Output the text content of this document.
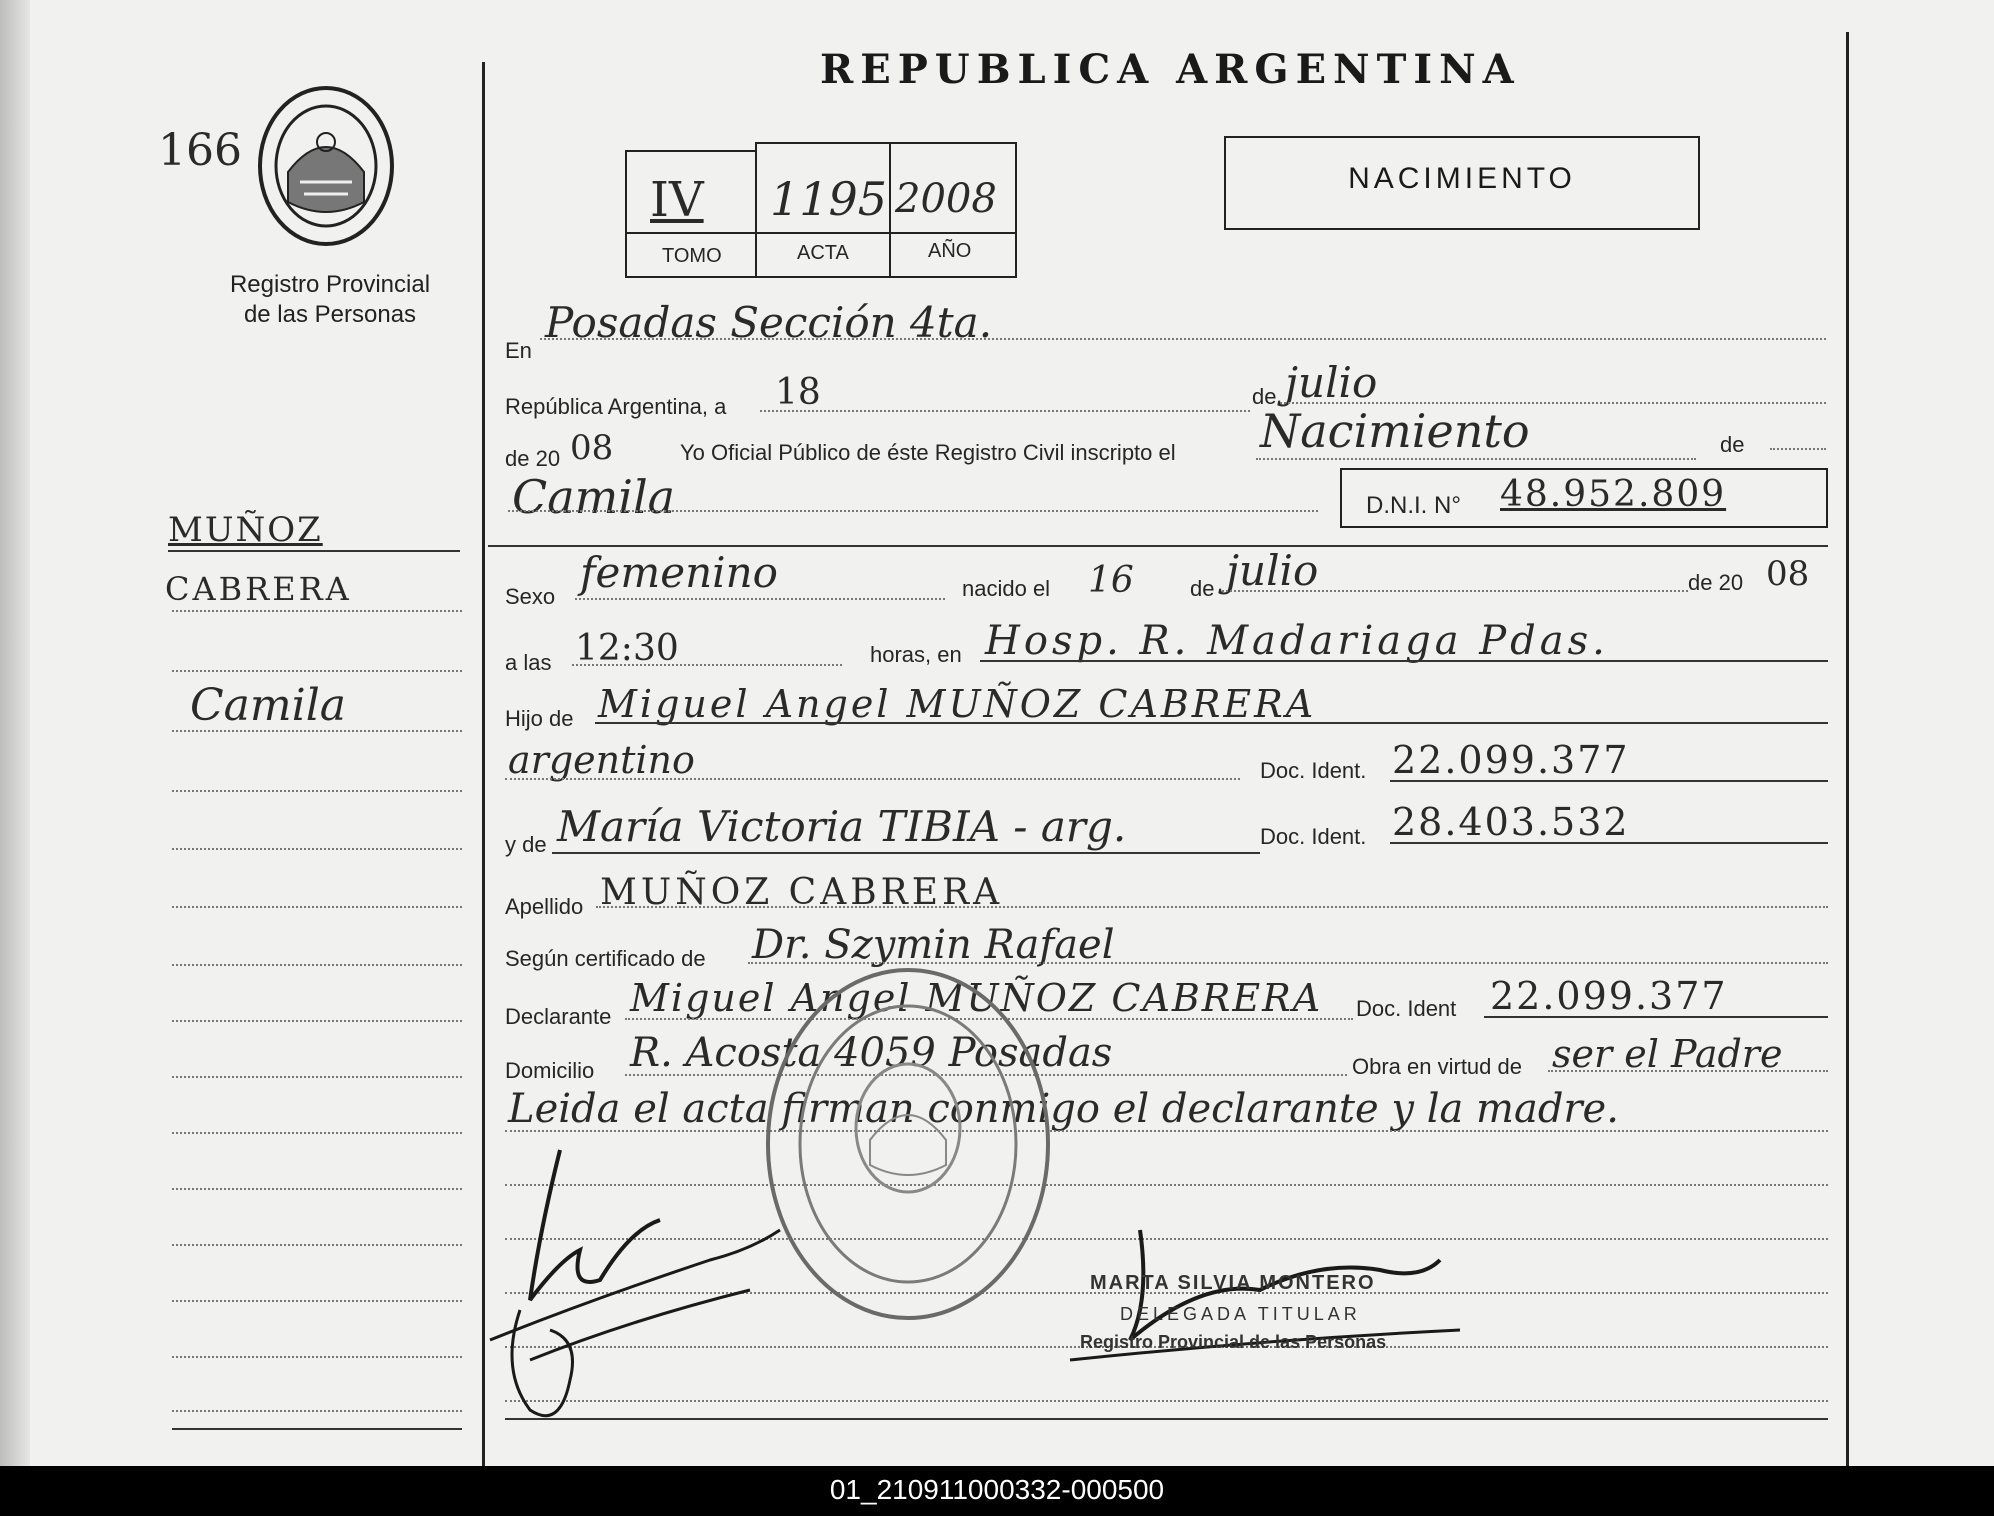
166
Registro Provincial
de las Personas
MUÑOZ
CABRERA
Camila
REPUBLICA ARGENTINA
IV 1195 2008
TOMO	ACTA	AÑO
NACIMIENTO
En
Posadas Sección 4ta.
República Argentina, a 18	de julio
de 20 08	Yo Oficial Público de éste Registro Civil inscripto el Nacimiento	de
Camila	D.N.I. N° 48.952.809
Sexo femenino	nacido el 16	de julio	de 20 08
a las 12:30	horas, en Hosp. R. Madariaga Pdas.
Hijo de Miguel Angel MUÑOZ CABRERA
argentino	Doc. Ident. 22.099.377
y de María Victoria TIBIA - arg.	Doc. Ident. 28.403.532
Apellido MUÑOZ CABRERA
Según certificado de Dr. Szymin Rafael
Declarante Miguel Angel MUÑOZ CABRERA Doc. Ident 22.099.377
Domicilio R. Acosta 4059 Posadas	Obra en virtud de ser el Padre
Leida el acta firman conmigo el declarante y la madre.
MARTA SILVIA MONTERO
DELEGADA TITULAR
Registro Provincial de las Personas
01_210911000332-000500
